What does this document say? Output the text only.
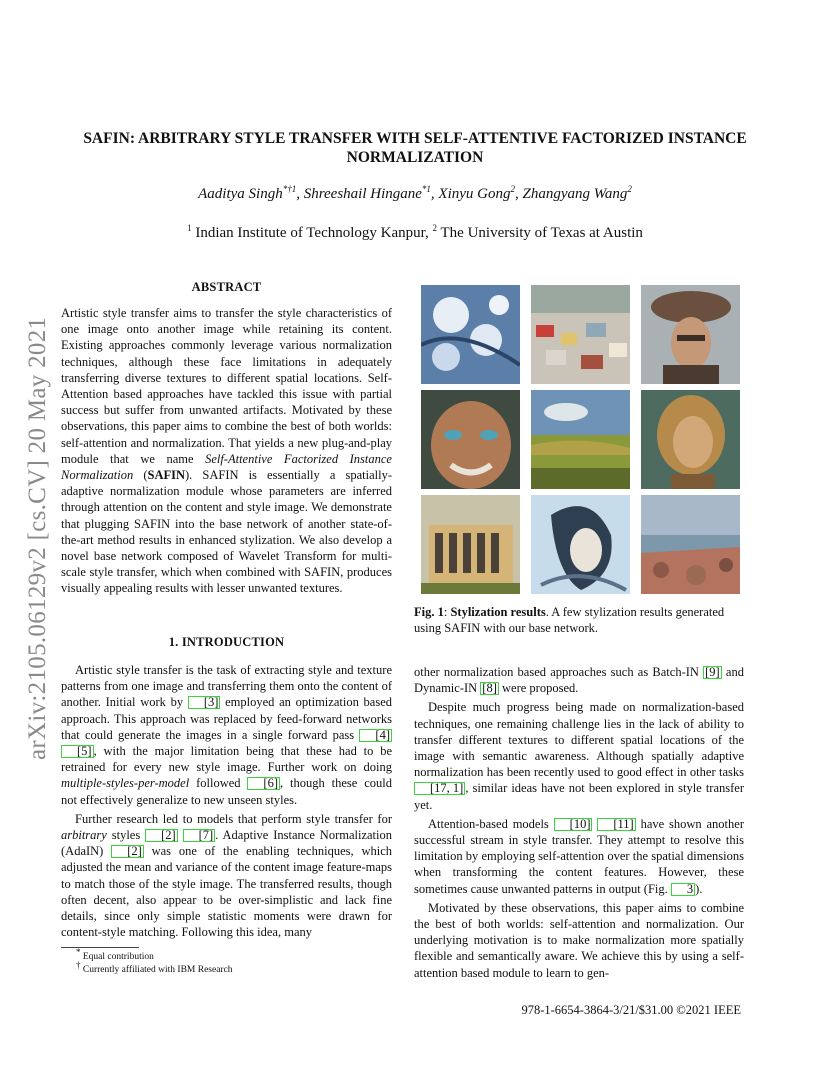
arXiv:2105.06129v2 [cs.CV] 20 May 2021
SAFIN: ARBITRARY STYLE TRANSFER WITH SELF-ATTENTIVE FACTORIZED INSTANCE NORMALIZATION
Aaditya Singh$^{*\dagger 1}$, Shreeshail Hingane$^{*1}$, Xinyu Gong$^2$, Zhangyang Wang$^2$
$^1$ Indian Institute of Technology Kanpur, $^2$ The University of Texas at Austin
ABSTRACT

Artistic style transfer aims to transfer the style characteristics of one image onto another image while retaining its content. Existing approaches commonly leverage various normalization techniques, although these face limitations in adequately transferring diverse textures to different spatial locations. Self-Attention based approaches have tackled this issue with partial success but suffer from unwanted artifacts. Motivated by these observations, this paper aims to combine the best of both worlds: self-attention and normalization. That yields a new plug-and-play module that we name Self-Attentive Factorized Instance Normalization (SAFIN). SAFIN is essentially a spatially-adaptive normalization module whose parameters are inferred through attention on the content and style image. We demonstrate that plugging SAFIN into the base network of another state-of-the-art method results in enhanced stylization. We also develop a novel base network composed of Wavelet Transform for multi-scale style transfer, which when combined with SAFIN, produces visually appealing results with lesser unwanted textures.

1. INTRODUCTION

Artistic style transfer is the task of extracting style and texture patterns from one image and transferring them onto the content of another. Initial work by [3] employed an optimization based approach. This approach was replaced by feed-forward networks that could generate the images in a single forward pass [4] [5] , with the major limitation being that these had to be retrained for every new style image. Further work on doing multiple-styles-per-model followed [6] , though these could not effectively generalize to new unseen styles.

Further research led to models that perform style transfer for arbitrary styles [2] [7] . Adaptive Instance Normalization (AdaIN) [2] was one of the enabling techniques, which adjusted the mean and variance of the content image feature-maps to match those of the style image. The transferred results, though often decent, also appear to be over-simplistic and lack fine details, since only simple statistic moments were drawn for content-style matching. Following this idea, many

* Equal contribution
† Currently affiliated with IBM Research
Fig. 1: Stylization results. A few stylization results generated using SAFIN with our base network.

other normalization based approaches such as Batch-IN [9] and Dynamic-IN [8] were proposed.

Despite much progress being made on normalization-based techniques, one remaining challenge lies in the lack of ability to transfer different textures to different spatial locations of the image with semantic awareness. Although spatially adaptive normalization has been recently used to good effect in other tasks [17, 1] , similar ideas have not been explored in style transfer yet.

Attention-based models [10] [11] have shown another successful stream in style transfer. They attempt to resolve this limitation by employing self-attention over the spatial dimensions when transforming the content features. However, these sometimes cause unwanted patterns in output (Fig. 3 ).

Motivated by these observations, this paper aims to combine the best of both worlds: self-attention and normalization. Our underlying motivation is to make normalization more spatially flexible and semantically aware. We achieve this by using a self-attention based module to learn to gen-

978-1-6654-3864-3/21/$31.00 ©2021 IEEE
